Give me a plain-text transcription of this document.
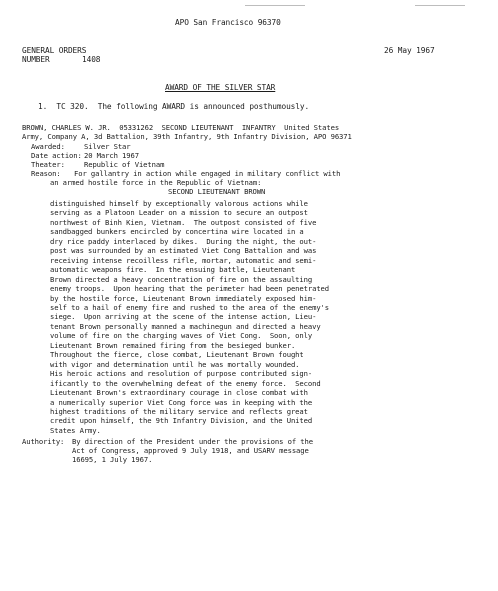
APO San Francisco 96370
GENERAL ORDERS
NUMBER	1408
26 May 1967
AWARD OF THE SILVER STAR
1.  TC 320.  The following AWARD is announced posthumously.
BROWN, CHARLES W. JR.  05331262  SECOND LIEUTENANT  INFANTRY  United States
Army, Company A, 3d Battalion, 39th Infantry, 9th Infantry Division, APO 96371
Awarded:	Silver Star
Date action: 20 March 1967
Theater:	Republic of Vietnam
Reason: For gallantry in action while engaged in military conflict with
an armed hostile force in the Republic of Vietnam:
SECOND LIEUTENANT BROWN
distinguished himself by exceptionally valorous actions while
serving as a Platoon Leader on a mission to secure an outpost
northwest of Binh Kien, Vietnam.  The outpost consisted of five
sandbagged bunkers encircled by concertina wire located in a
dry rice paddy interlaced by dikes.  During the night, the out-
post was surrounded by an estimated Viet Cong Battalion and was
receiving intense recoilless rifle, mortar, automatic and semi-
automatic weapons fire.  In the ensuing battle, Lieutenant
Brown directed a heavy concentration of fire on the assaulting
enemy troops.  Upon hearing that the perimeter had been penetrated
by the hostile force, Lieutenant Brown immediately exposed him-
self to a hail of enemy fire and rushed to the area of the enemy's
siege.  Upon arriving at the scene of the intense action, Lieu-
tenant Brown personally manned a machinegun and directed a heavy
volume of fire on the charging waves of Viet Cong.  Soon, only
Lieutenant Brown remained firing from the besieged bunker.
Throughout the fierce, close combat, Lieutenant Brown fought
with vigor and determination until he was mortally wounded.
His heroic actions and resolution of purpose contributed sign-
ificantly to the overwhelming defeat of the enemy force.  Second
Lieutenant Brown's extraordinary courage in close combat with
a numerically superior Viet Cong force was in keeping with the
highest traditions of the military service and reflects great
credit upon himself, the 9th Infantry Division, and the United
States Army.
Authority: By direction of the President under the provisions of the
Act of Congress, approved 9 July 1918, and USARV message
16695, 1 July 1967.
